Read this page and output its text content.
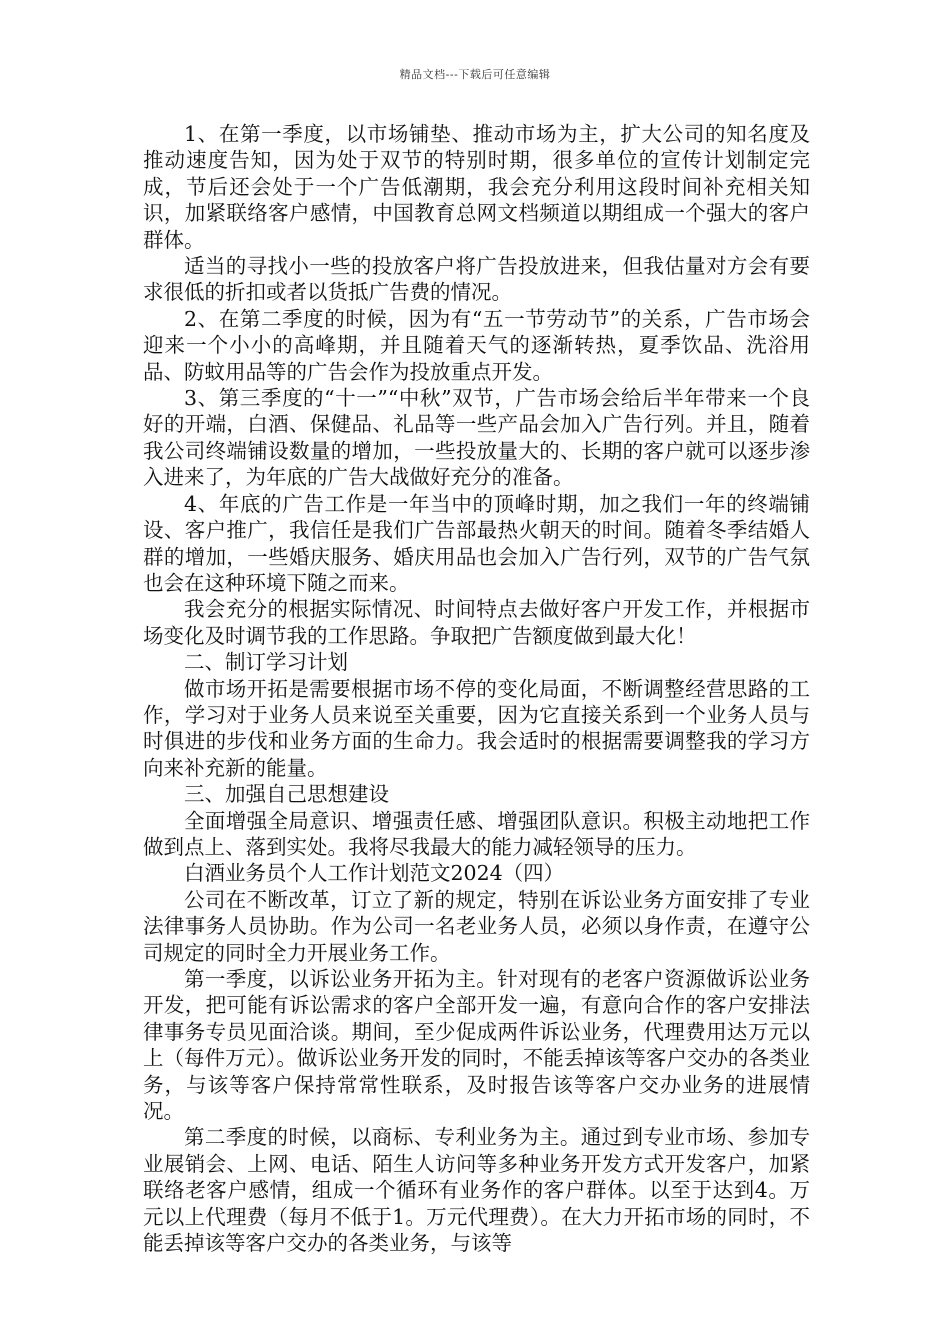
精品文档---下载后可任意编辑

1、在第一季度，以市场铺垫、推动市场为主，扩大公司的知名度及推动速度告知，因为处于双节的特别时期，很多单位的宣传计划制定完成，节后还会处于一个广告低潮期，我会充分利用这段时间补充相关知识，加紧联络客户感情，中国教育总网文档频道以期组成一个强大的客户群体。

适当的寻找小一些的投放客户将广告投放进来，但我估量对方会有要求很低的折扣或者以货抵广告费的情况。

2、在第二季度的时候，因为有“五一节劳动节”的关系，广告市场会迎来一个小小的高峰期，并且随着天气的逐渐转热，夏季饮品、洗浴用品、防蚊用品等的广告会作为投放重点开发。

3、第三季度的“十一”“中秋”双节，广告市场会给后半年带来一个良好的开端，白酒、保健品、礼品等一些产品会加入广告行列。并且，随着我公司终端铺设数量的增加，一些投放量大的、长期的客户就可以逐步渗入进来了，为年底的广告大战做好充分的准备。

4、年底的广告工作是一年当中的顶峰时期，加之我们一年的终端铺设、客户推广，我信任是我们广告部最热火朝天的时间。随着冬季结婚人群的增加，一些婚庆服务、婚庆用品也会加入广告行列，双节的广告气氛也会在这种环境下随之而来。

我会充分的根据实际情况、时间特点去做好客户开发工作，并根据市场变化及时调节我的工作思路。争取把广告额度做到最大化！

二、制订学习计划

做市场开拓是需要根据市场不停的变化局面，不断调整经营思路的工作，学习对于业务人员来说至关重要，因为它直接关系到一个业务人员与时俱进的步伐和业务方面的生命力。我会适时的根据需要调整我的学习方向来补充新的能量。

三、加强自己思想建设

全面增强全局意识、增强责任感、增强团队意识。积极主动地把工作做到点上、落到实处。我将尽我最大的能力减轻领导的压力。

白酒业务员个人工作计划范文2024（四）

公司在不断改革，订立了新的规定，特别在诉讼业务方面安排了专业法律事务人员协助。作为公司一名老业务人员，必须以身作责，在遵守公司规定的同时全力开展业务工作。

第一季度，以诉讼业务开拓为主。针对现有的老客户资源做诉讼业务开发，把可能有诉讼需求的客户全部开发一遍，有意向合作的客户安排法律事务专员见面洽谈。期间，至少促成两件诉讼业务，代理费用达万元以上（每件万元）。做诉讼业务开发的同时，不能丢掉该等客户交办的各类业务，与该等客户保持常常性联系，及时报告该等客户交办业务的进展情况。

第二季度的时候，以商标、专利业务为主。通过到专业市场、参加专业展销会、上网、电话、陌生人访问等多种业务开发方式开发客户，加紧联络老客户感情，组成一个循环有业务作的客户群体。以至于达到4。万元以上代理费（每月不低于1。万元代理费）。在大力开拓市场的同时，不能丢掉该等客户交办的各类业务，与该等
